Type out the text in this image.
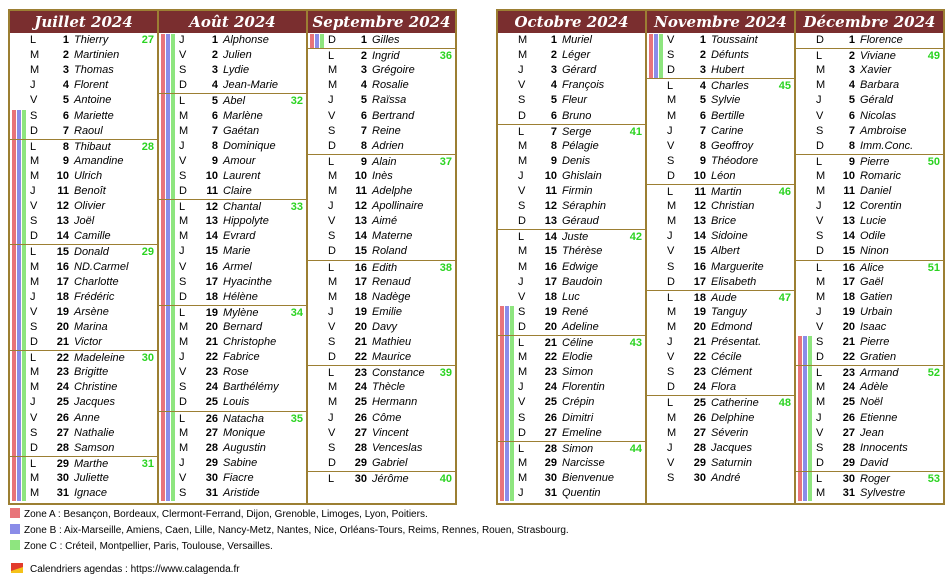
Juillet 2024
L	1 Thierry	27
M	2 Martinien
M	3 Thomas
J	4 Florent
V	5 Antoine
S	6 Mariette
D	7 Raoul
L	8 Thibaut	28
M	9 Amandine
M	10 Ulrich
J	11 Benoît
V	12 Olivier
S	13 Joël
D	14 Camille
L	15 Donald	29
M	16 ND.Carmel
M	17 Charlotte
J	18 Frédéric
V	19 Arsène
S	20 Marina
D	21 Victor
L	22 Madeleine 30
M	23 Brigitte
M	24 Christine
J	25 Jacques
V	26 Anne
S	27 Nathalie
D	28 Samson
L	29 Marthe	31
M	30 Juliette
M	31 Ignace
Août 2024
J	1 Alphonse
V	2 Julien
S	3 Lydie
D	4 Jean-Marie
L	5 Abel	32
M	6 Marlène
M	7 Gaétan
J	8 Dominique
V	9 Amour
S	10 Laurent
D	11 Claire
L	12 Chantal	33
M	13 Hippolyte
M	14 Evrard
J	15 Marie
V	16 Armel
S	17 Hyacinthe
D	18 Hélène
L	19 Mylène	34
M	20 Bernard
M	21 Christophe
J	22 Fabrice
V	23 Rose
S	24 Barthélémy
D	25 Louis
L	26 Natacha 35
M	27 Monique
M	28 Augustin
J	29 Sabine
V	30 Fiacre
S	31 Aristide
Septembre 2024
D	1 Gilles
L	2 Ingrid	36
M	3 Grégoire
M	4 Rosalie
J	5 Raïssa
V	6 Bertrand
S	7 Reine
D	8 Adrien
L	9 Alain	37
M	10 Inès
M	11 Adelphe
J	12 Apollinaire
V	13 Aimé
S	14 Materne
D	15 Roland
L	16 Edith	38
M	17 Renaud
M	18 Nadège
J	19 Emilie
V	20 Davy
S	21 Mathieu
D	22 Maurice
L	23 Constance 39
M	24 Thècle
M	25 Hermann
J	26 Côme
V	27 Vincent
S	28 Venceslas
D	29 Gabriel
L	30 Jérôme	40
Octobre 2024
M	1 Muriel
M	2 Léger
J	3 Gérard
V	4 François
S	5 Fleur
D	6 Bruno
L	7 Serge	41
M	8 Pélagie
M	9 Denis
J	10 Ghislain
V	11 Firmin
S	12 Séraphin
D	13 Géraud
L	14 Juste	42
M	15 Thérèse
M	16 Edwige
J	17 Baudoin
V	18 Luc
S	19 René
D	20 Adeline
L	21 Céline	43
M	22 Elodie
M	23 Simon
J	24 Florentin
V	25 Crépin
S	26 Dimitri
D	27 Emeline
L	28 Simon	44
M	29 Narcisse
M	30 Bienvenue
J	31 Quentin
Novembre 2024
V	1 Toussaint
S	2 Défunts
D	3 Hubert
L	4 Charles	45
M	5 Sylvie
M	6 Bertille
J	7 Carine
V	8 Geoffroy
S	9 Théodore
D	10 Léon
L	11 Martin	46
M	12 Christian
M	13 Brice
J	14 Sidoine
V	15 Albert
S	16 Marguerite
D	17 Elisabeth
L	18 Aude	47
M	19 Tanguy
M	20 Edmond
J	21 Présentat.
V	22 Cécile
S	23 Clément
D	24 Flora
L	25 Catherine 48
M	26 Delphine
M	27 Séverin
J	28 Jacques
V	29 Saturnin
S	30 André
Décembre 2024
D	1 Florence
L	2 Viviane	49
M	3 Xavier
M	4 Barbara
J	5 Gérald
V	6 Nicolas
S	7 Ambroise
D	8 Imm.Conc.
L	9 Pierre	50
M	10 Romaric
M	11 Daniel
J	12 Corentin
V	13 Lucie
S	14 Odile
D	15 Ninon
L	16 Alice	51
M	17 Gaël
M	18 Gatien
J	19 Urbain
V	20 Isaac
S	21 Pierre
D	22 Gratien
L	23 Armand	52
M	24 Adèle
M	25 Noël
J	26 Etienne
V	27 Jean
S	28 Innocents
D	29 David
L	30 Roger	53
M	31 Sylvestre
Zone A : Besançon, Bordeaux, Clermont-Ferrand, Dijon, Grenoble, Limoges, Lyon, Poitiers.
Zone B : Aix-Marseille, Amiens, Caen, Lille, Nancy-Metz, Nantes, Nice, Orléans-Tours, Reims, Rennes, Rouen, Strasbourg.
Zone C : Créteil, Montpellier, Paris, Toulouse, Versailles.
Calendriers agendas : https://www.calagenda.fr
